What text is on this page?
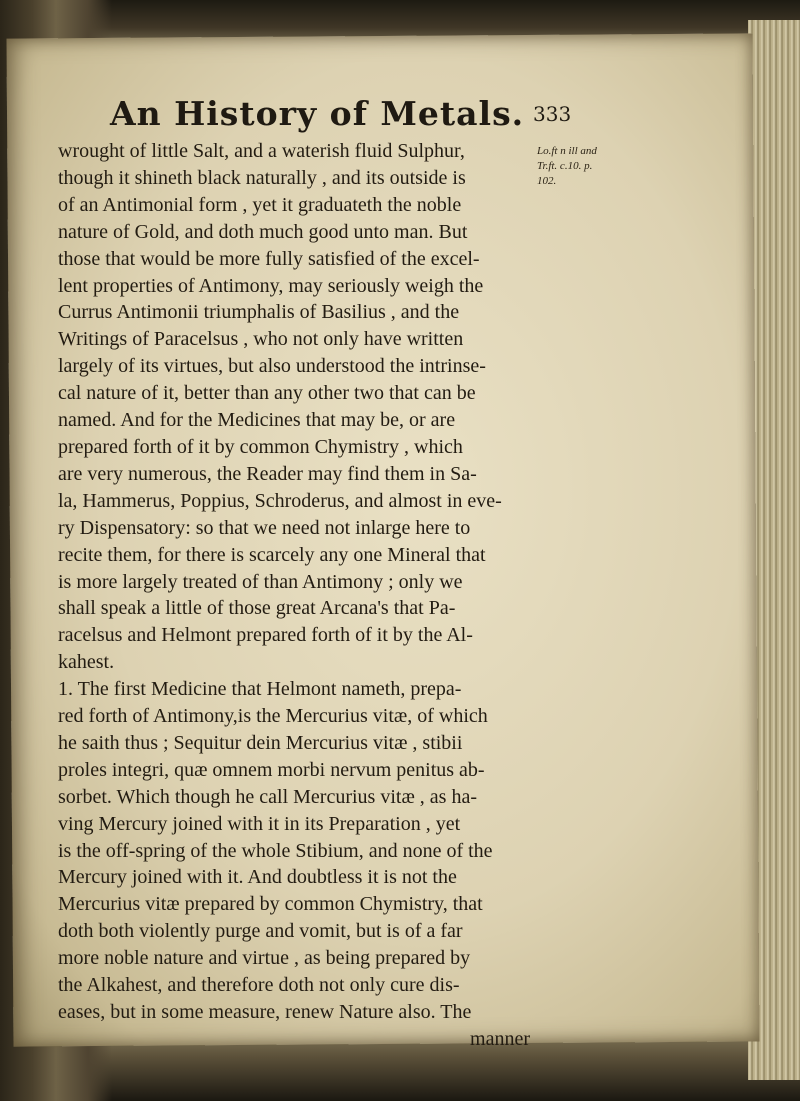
An History of Metals. 333
Lo.ft n ill and
Tr.ft. c.10. p.
102.
wrought of little Salt, and a waterish fluid Sulphur,
though it shineth black naturally , and its outside is
of an Antimonial form , yet it graduateth the noble
nature of Gold, and doth much good unto man. But
those that would be more fully satisfied of the excel-
lent properties of Antimony, may seriously weigh the
Currus Antimonii triumphalis of Basilius , and the
Writings of Paracelsus , who not only have written
largely of its virtues, but also understood the intrinse-
cal nature of it, better than any other two that can be
named. And for the Medicines that may be, or are
prepared forth of it by common Chymistry , which
are very numerous, the Reader may find them in Sa-
la, Hammerus, Poppius, Schroderus, and almost in eve-
ry Dispensatory: so that we need not inlarge here to
recite them, for there is scarcely any one Mineral that
is more largely treated of than Antimony ; only we
shall speak a little of those great Arcana's that Pa-
racelsus and Helmont prepared forth of it by the Al-
kahest.
1. The first Medicine that Helmont nameth, prepa-
red forth of Antimony,is the Mercurius vitæ, of which
he saith thus ; Sequitur dein Mercurius vitæ , stibii
proles integri, quæ omnem morbi nervum penitus ab-
sorbet. Which though he call Mercurius vitæ , as ha-
ving Mercury joined with it in its Preparation , yet
is the off-spring of the whole Stibium, and none of the
Mercury joined with it. And doubtless it is not the
Mercurius vitæ prepared by common Chymistry, that
doth both violently purge and vomit, but is of a far
more noble nature and virtue , as being prepared by
the Alkahest, and therefore doth not only cure dis-
eases, but in some measure, renew Nature also. The
manner
